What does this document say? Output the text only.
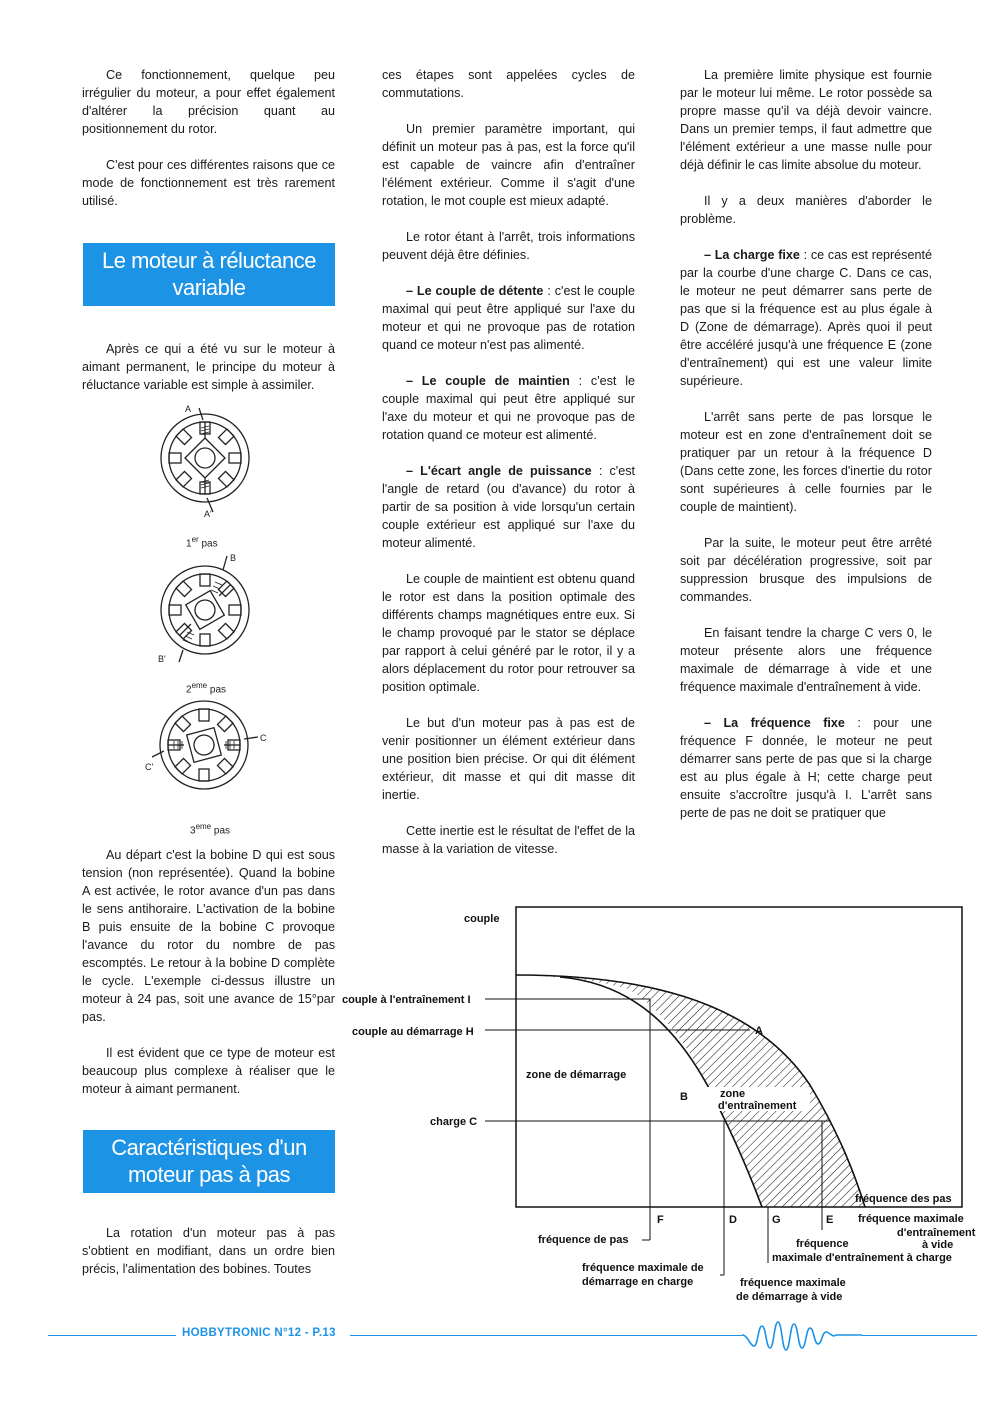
Ce fonctionnement, quelque peu irrégulier du moteur, a pour effet également d'altérer la précision quant au positionnement du rotor.

C'est pour ces différentes raisons que ce mode de fonctionnement est très rarement utilisé.

Le moteur à réluctance
variable

Après ce qui a été vu sur le moteur à aimant permanent, le principe du moteur à réluctance variable est simple à assimiler.

A
A'
1er pas
B
B'
2eme pas
C
C'
3eme pas

Au départ c'est la bobine D qui est sous tension (non représentée). Quand la bobine A est activée, le rotor avance d'un pas dans le sens antihoraire. L'activation de la bobine B puis ensuite de la bobine C provoque l'avance du rotor du nombre de pas escomptés. Le retour à la bobine D complète le cycle. L'exemple ci-dessus illustre un moteur à 24 pas, soit une avance de 15°par pas.

Il est évident que ce type de moteur est beaucoup plus complexe à réaliser que le moteur à aimant permanent.

Caractéristiques d'un
moteur pas à pas

La rotation d'un moteur pas à pas s'obtient en modifiant, dans un ordre bien précis, l'alimentation des bobines. Toutes

ces étapes sont appelées cycles de commutations.

Un premier paramètre important, qui définit un moteur pas à pas, est la force qu'il est capable de vaincre afin d'entraîner l'élément extérieur. Comme il s'agit d'une rotation, le mot couple est mieux adapté.

Le rotor étant à l'arrêt, trois informations peuvent déjà être définies.

– Le couple de détente : c'est le couple maximal qui peut être appliqué sur l'axe du moteur et qui ne provoque pas de rotation quand ce moteur n'est pas alimenté.

– Le couple de maintien : c'est le couple maximal qui peut être appliqué sur l'axe du moteur et qui ne provoque pas de rotation quand ce moteur est alimenté.

– L'écart angle de puissance : c'est l'angle de retard (ou d'avance) du rotor à partir de sa position à vide lorsqu'un certain couple extérieur est appliqué sur l'axe du moteur alimenté.

Le couple de maintient est obtenu quand le rotor est dans la position optimale des différents champs magnétiques entre eux. Si le champ provoqué par le stator se déplace par rapport à celui généré par le rotor, il y a alors déplacement du rotor pour retrouver sa position optimale.

Le but d'un moteur pas à pas est de venir positionner un élément extérieur dans une position bien précise. Or qui dit élément extérieur, dit masse et qui dit masse dit inertie.

Cette inertie est le résultat de l'effet de la masse à la variation de vitesse.

La première limite physique est fournie par le moteur lui même. Le rotor possède sa propre masse qu'il va déjà devoir vaincre. Dans un premier temps, il faut admettre que l'élément extérieur a une masse nulle pour déjà définir le cas limite absolue du moteur.

Il y a deux manières d'aborder le problème.

– La charge fixe : ce cas est représenté par la courbe d'une charge C. Dans ce cas, le moteur ne peut démarrer sans perte de pas que si la fréquence est au plus égale à D (Zone de démarrage). Après quoi il peut être accéléré jusqu'à une fréquence E (zone d'entraînement) qui est une valeur limite supérieure.

L'arrêt sans perte de pas lorsque le moteur est en zone d'entraînement doit se pratiquer par un retour à la fréquence D (Dans cette zone, les forces d'inertie du rotor sont supérieures à celle fournies par le couple de maintient).

Par la suite, le moteur peut être arrêté soit par décélération progressive, soit par suppression brusque des impulsions de commandes.

En faisant tendre la charge C vers 0, le moteur présente alors une fréquence maximale de démarrage à vide et une fréquence maximale d'entraînement à vide.

– La fréquence fixe : pour une fréquence F donnée, le moteur ne peut démarrer sans perte de pas que si la charge est au plus égale à H; cette charge peut ensuite s'accroître jusqu'à I. L'arrêt sans perte de pas ne doit se pratiquer que

couple
couple à l'entraînement I
couple au démarrage H
charge C
zone de démarrage
zone
d'entraînement
A
B
fréquence des pas
F	D	G	E
fréquence de pas
fréquence maximale de
démarrage en charge	fréquence maximale
de démarrage à vide
fréquence maximale
d'entraînement
à vide
fréquence
maximale d'entraînement à charge
HOBBYTRONIC N°12 - P.13
